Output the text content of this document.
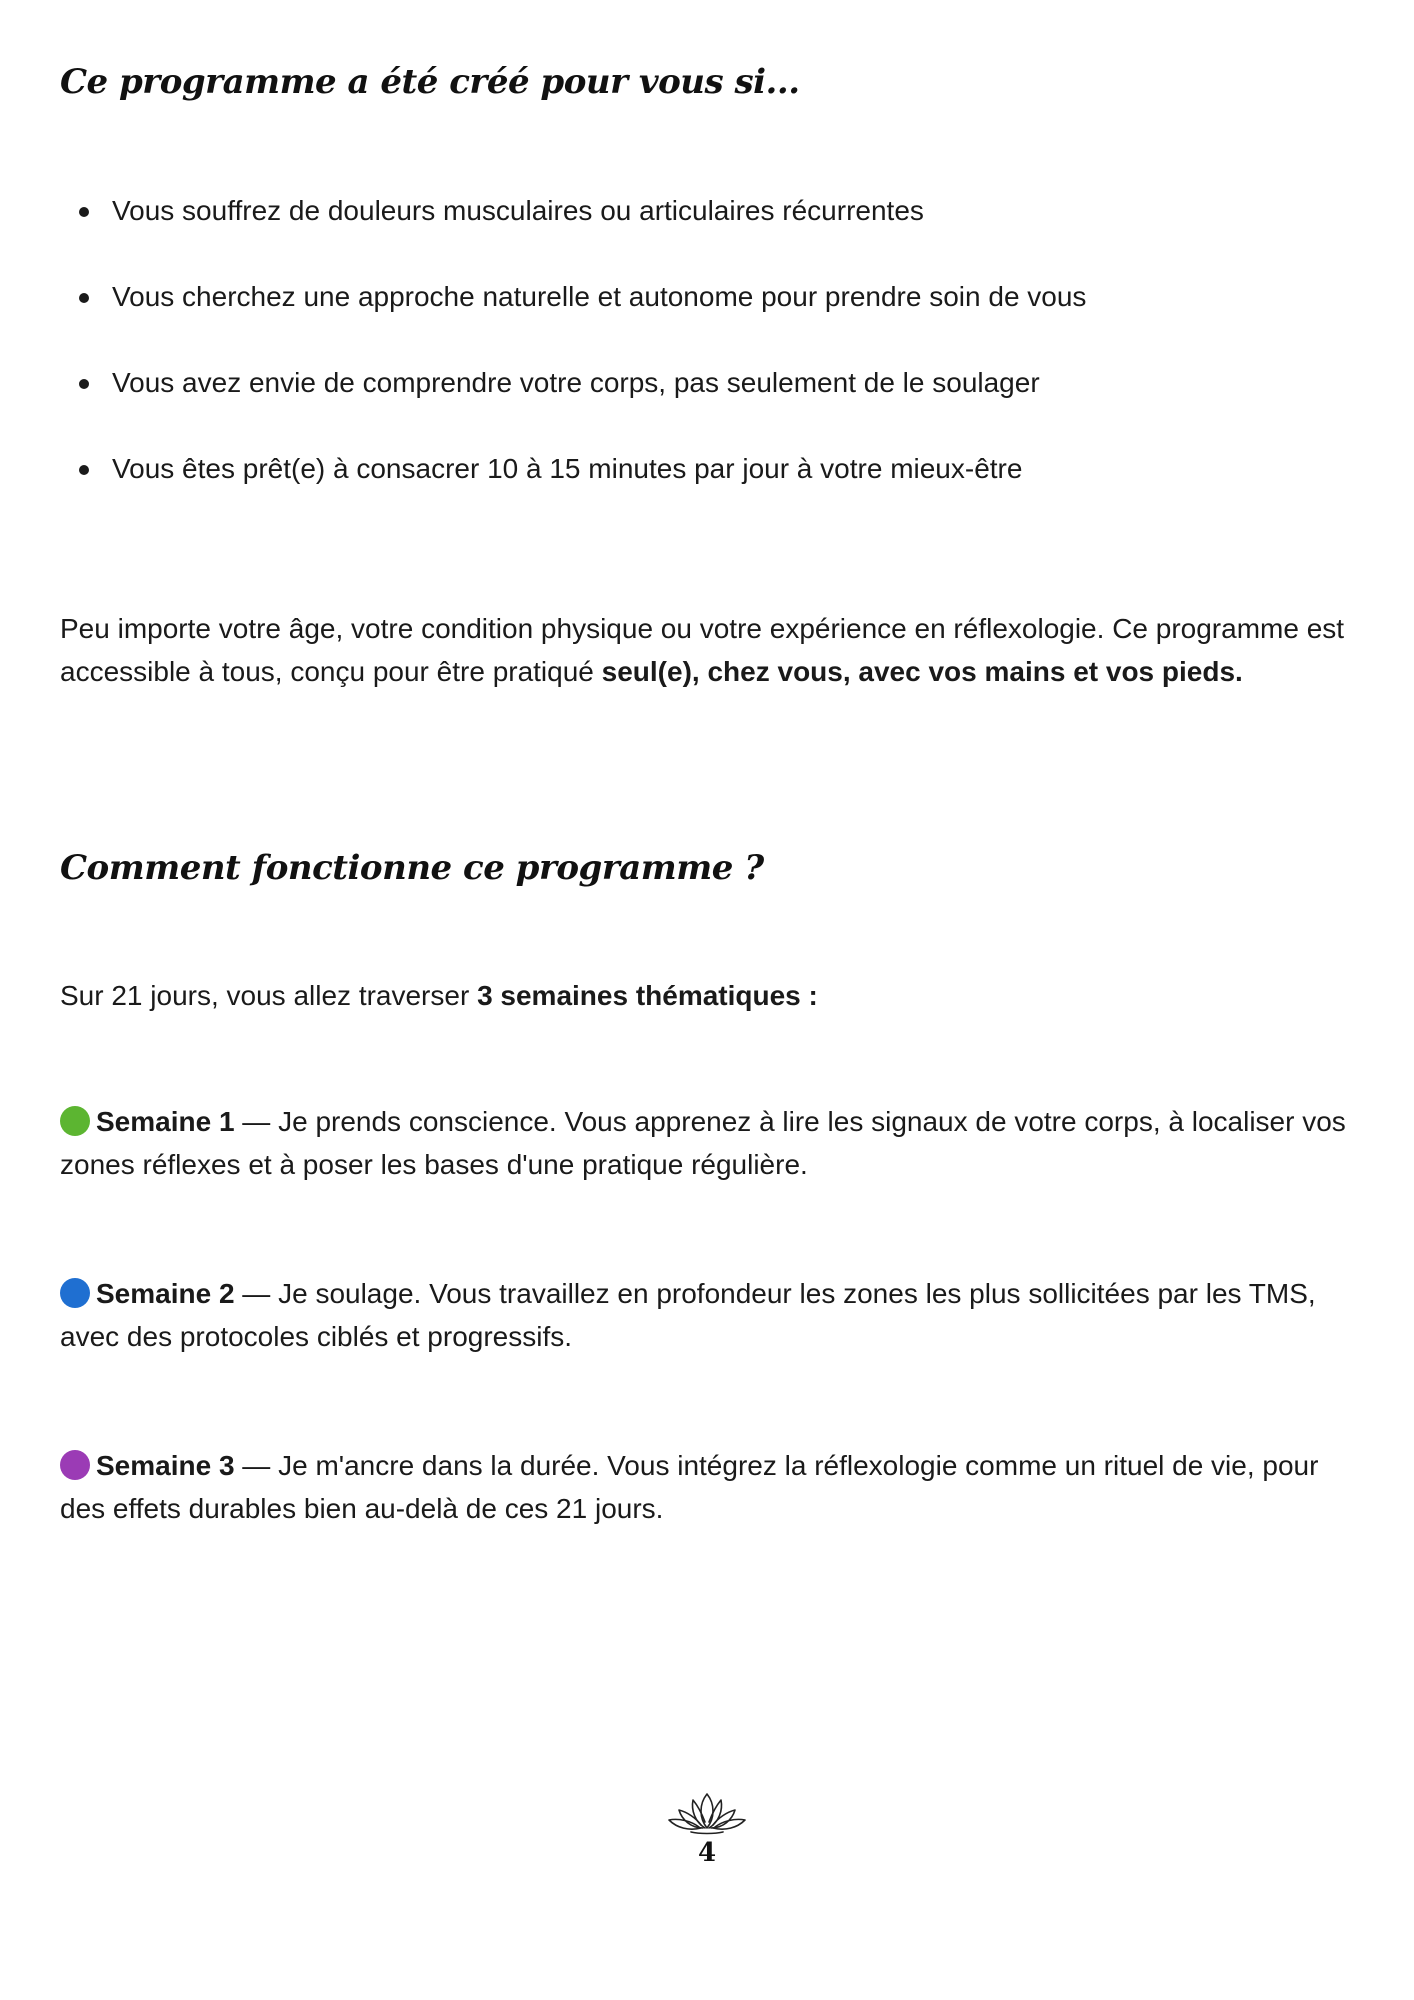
Ce programme a été créé pour vous si...
Vous souffrez de douleurs musculaires ou articulaires récurrentes
Vous cherchez une approche naturelle et autonome pour prendre soin de vous
Vous avez envie de comprendre votre corps, pas seulement de le soulager
Vous êtes prêt(e) à consacrer 10 à 15 minutes par jour à votre mieux-être

Peu importe votre âge, votre condition physique ou votre expérience en réflexologie. Ce programme est accessible à tous, conçu pour être pratiqué seul(e), chez vous, avec vos mains et vos pieds.

Comment fonctionne ce programme ?

Sur 21 jours, vous allez traverser 3 semaines thématiques :

Semaine 1 — Je prends conscience. Vous apprenez à lire les signaux de votre corps, à localiser vos zones réflexes et à poser les bases d'une pratique régulière.

Semaine 2 — Je soulage. Vous travaillez en profondeur les zones les plus sollicitées par les TMS, avec des protocoles ciblés et progressifs.

Semaine 3 — Je m'ancre dans la durée. Vous intégrez la réflexologie comme un rituel de vie, pour des effets durables bien au-delà de ces 21 jours.

4
